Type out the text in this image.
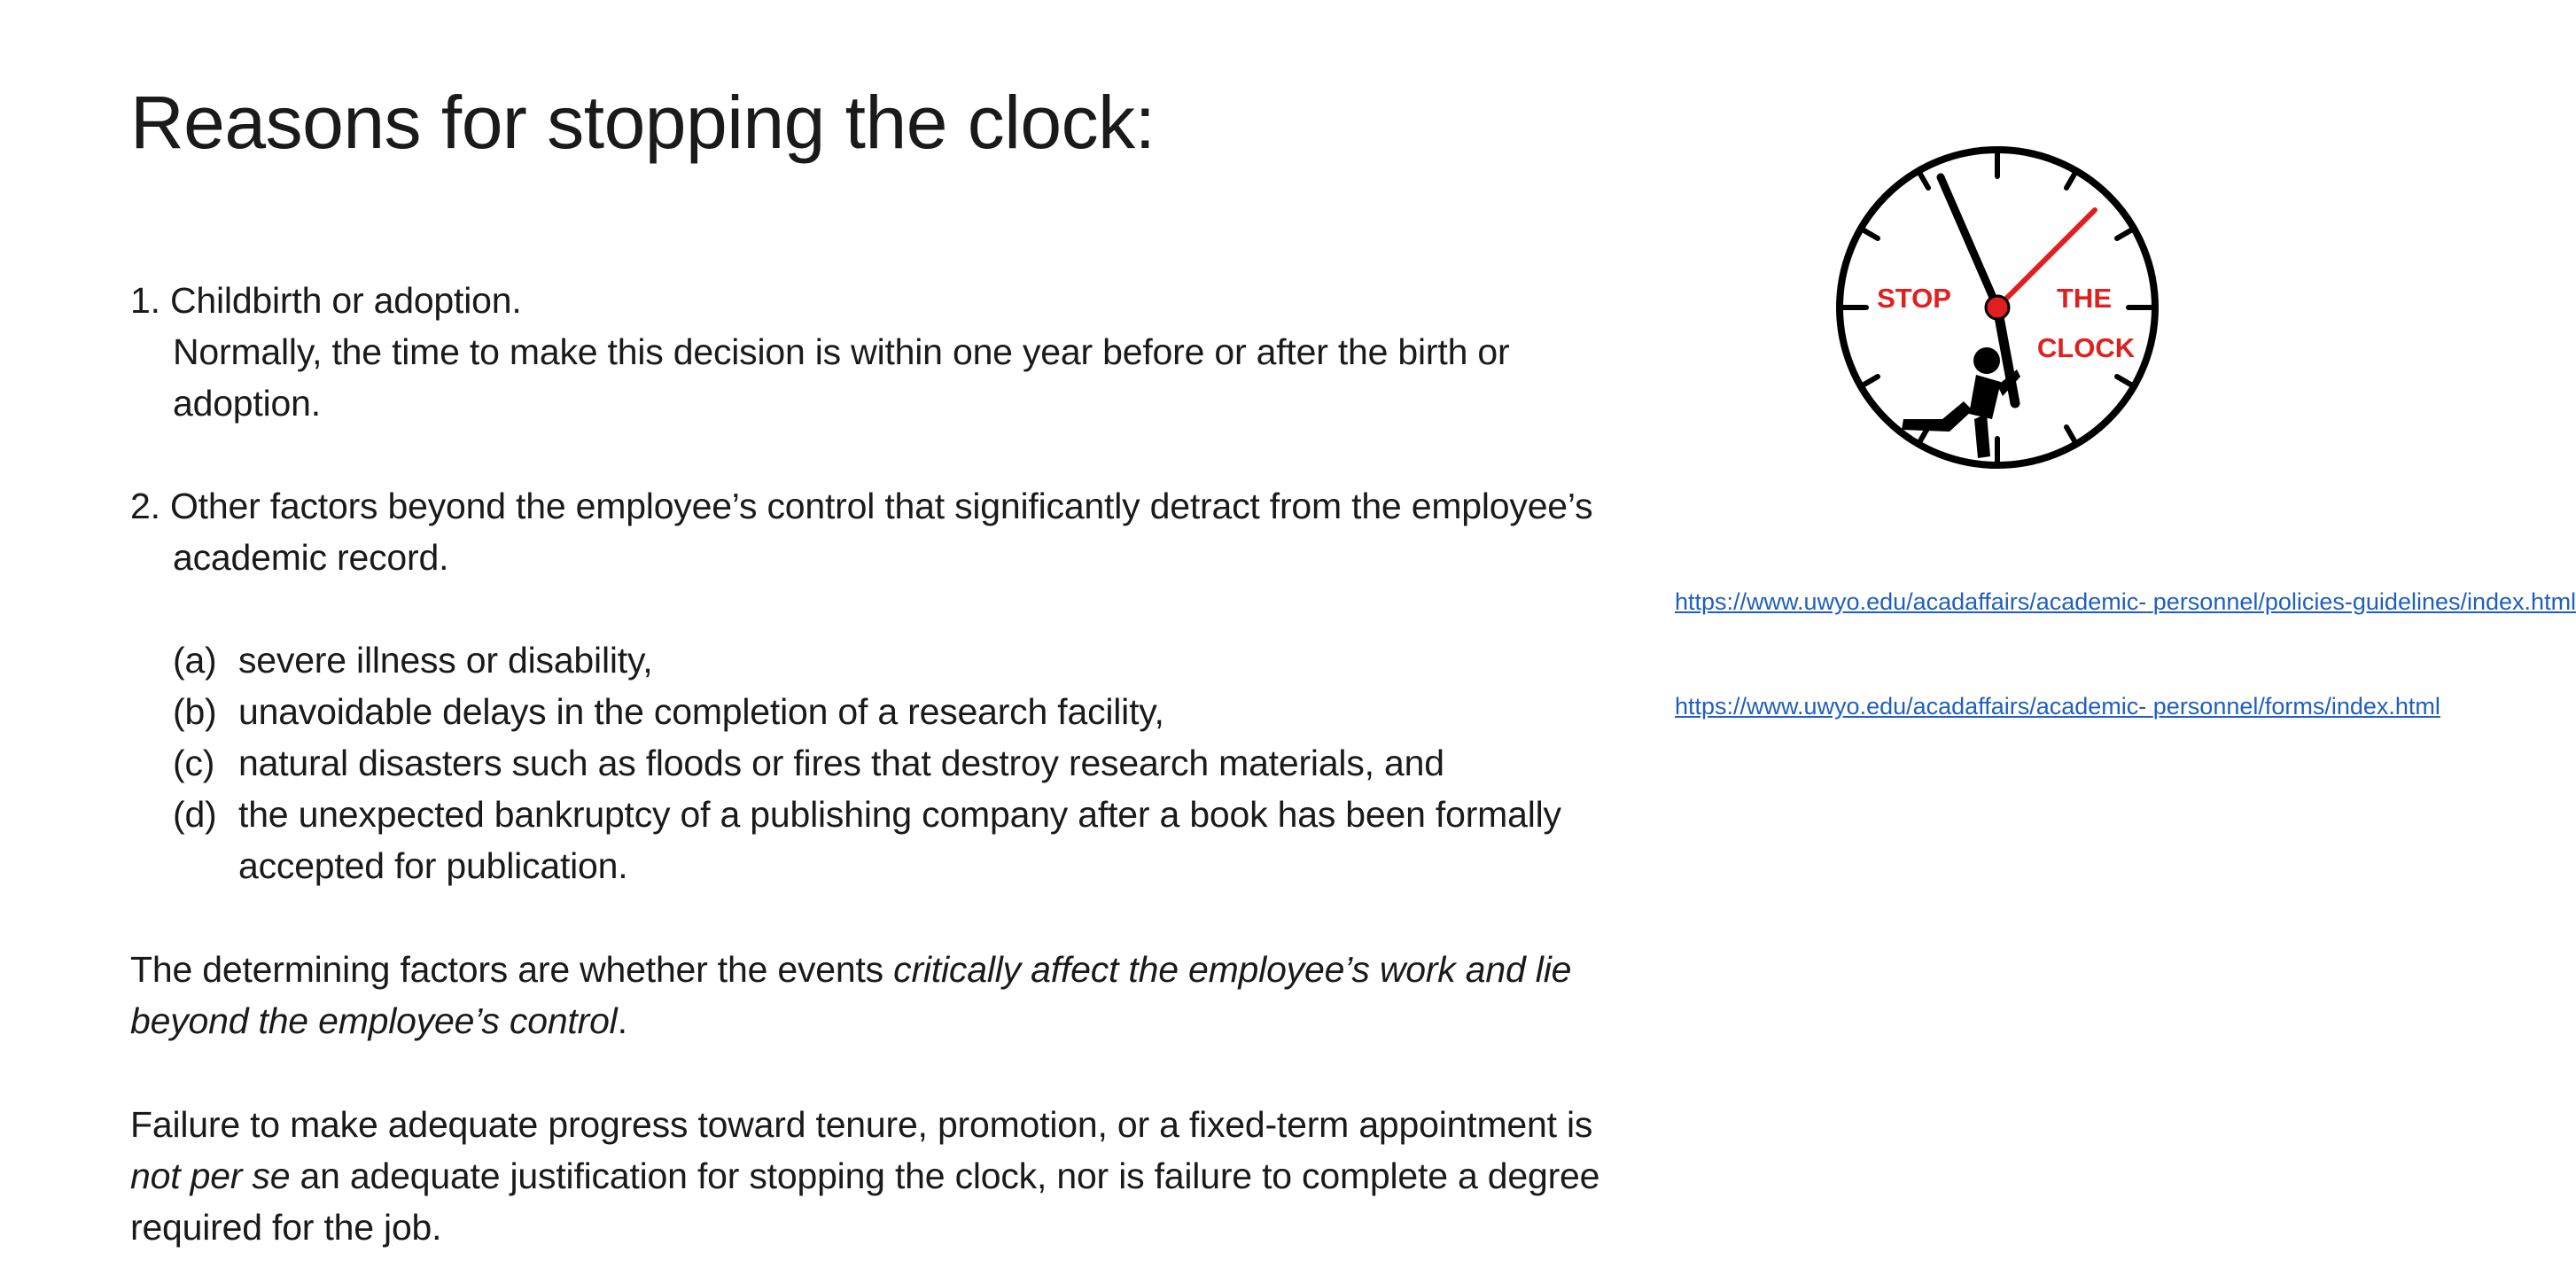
Reasons for stopping the clock:
1. Childbirth or adoption.
Normally, the time to make this decision is within one year before or after the birth or
adoption.
2. Other factors beyond the employee’s control that significantly detract from the employee’s
academic record.
(a) severe illness or disability,
(b) unavoidable delays in the completion of a research facility,
(c) natural disasters such as floods or fires that destroy research materials, and
(d) the unexpected bankruptcy of a publishing company after a book has been formally
accepted for publication.
The determining factors are whether the events critically affect the employee’s work and lie
beyond the employee’s control.
Failure to make adequate progress toward tenure, promotion, or a fixed-term appointment is
not per se an adequate justification for stopping the clock, nor is failure to complete a degree
required for the job.
https://www.uwyo.edu/acadaffairs/academic- personnel/policies-guidelines/index.html
https://www.uwyo.edu/acadaffairs/academic- personnel/forms/index.html
STOP	THE
CLOCK
